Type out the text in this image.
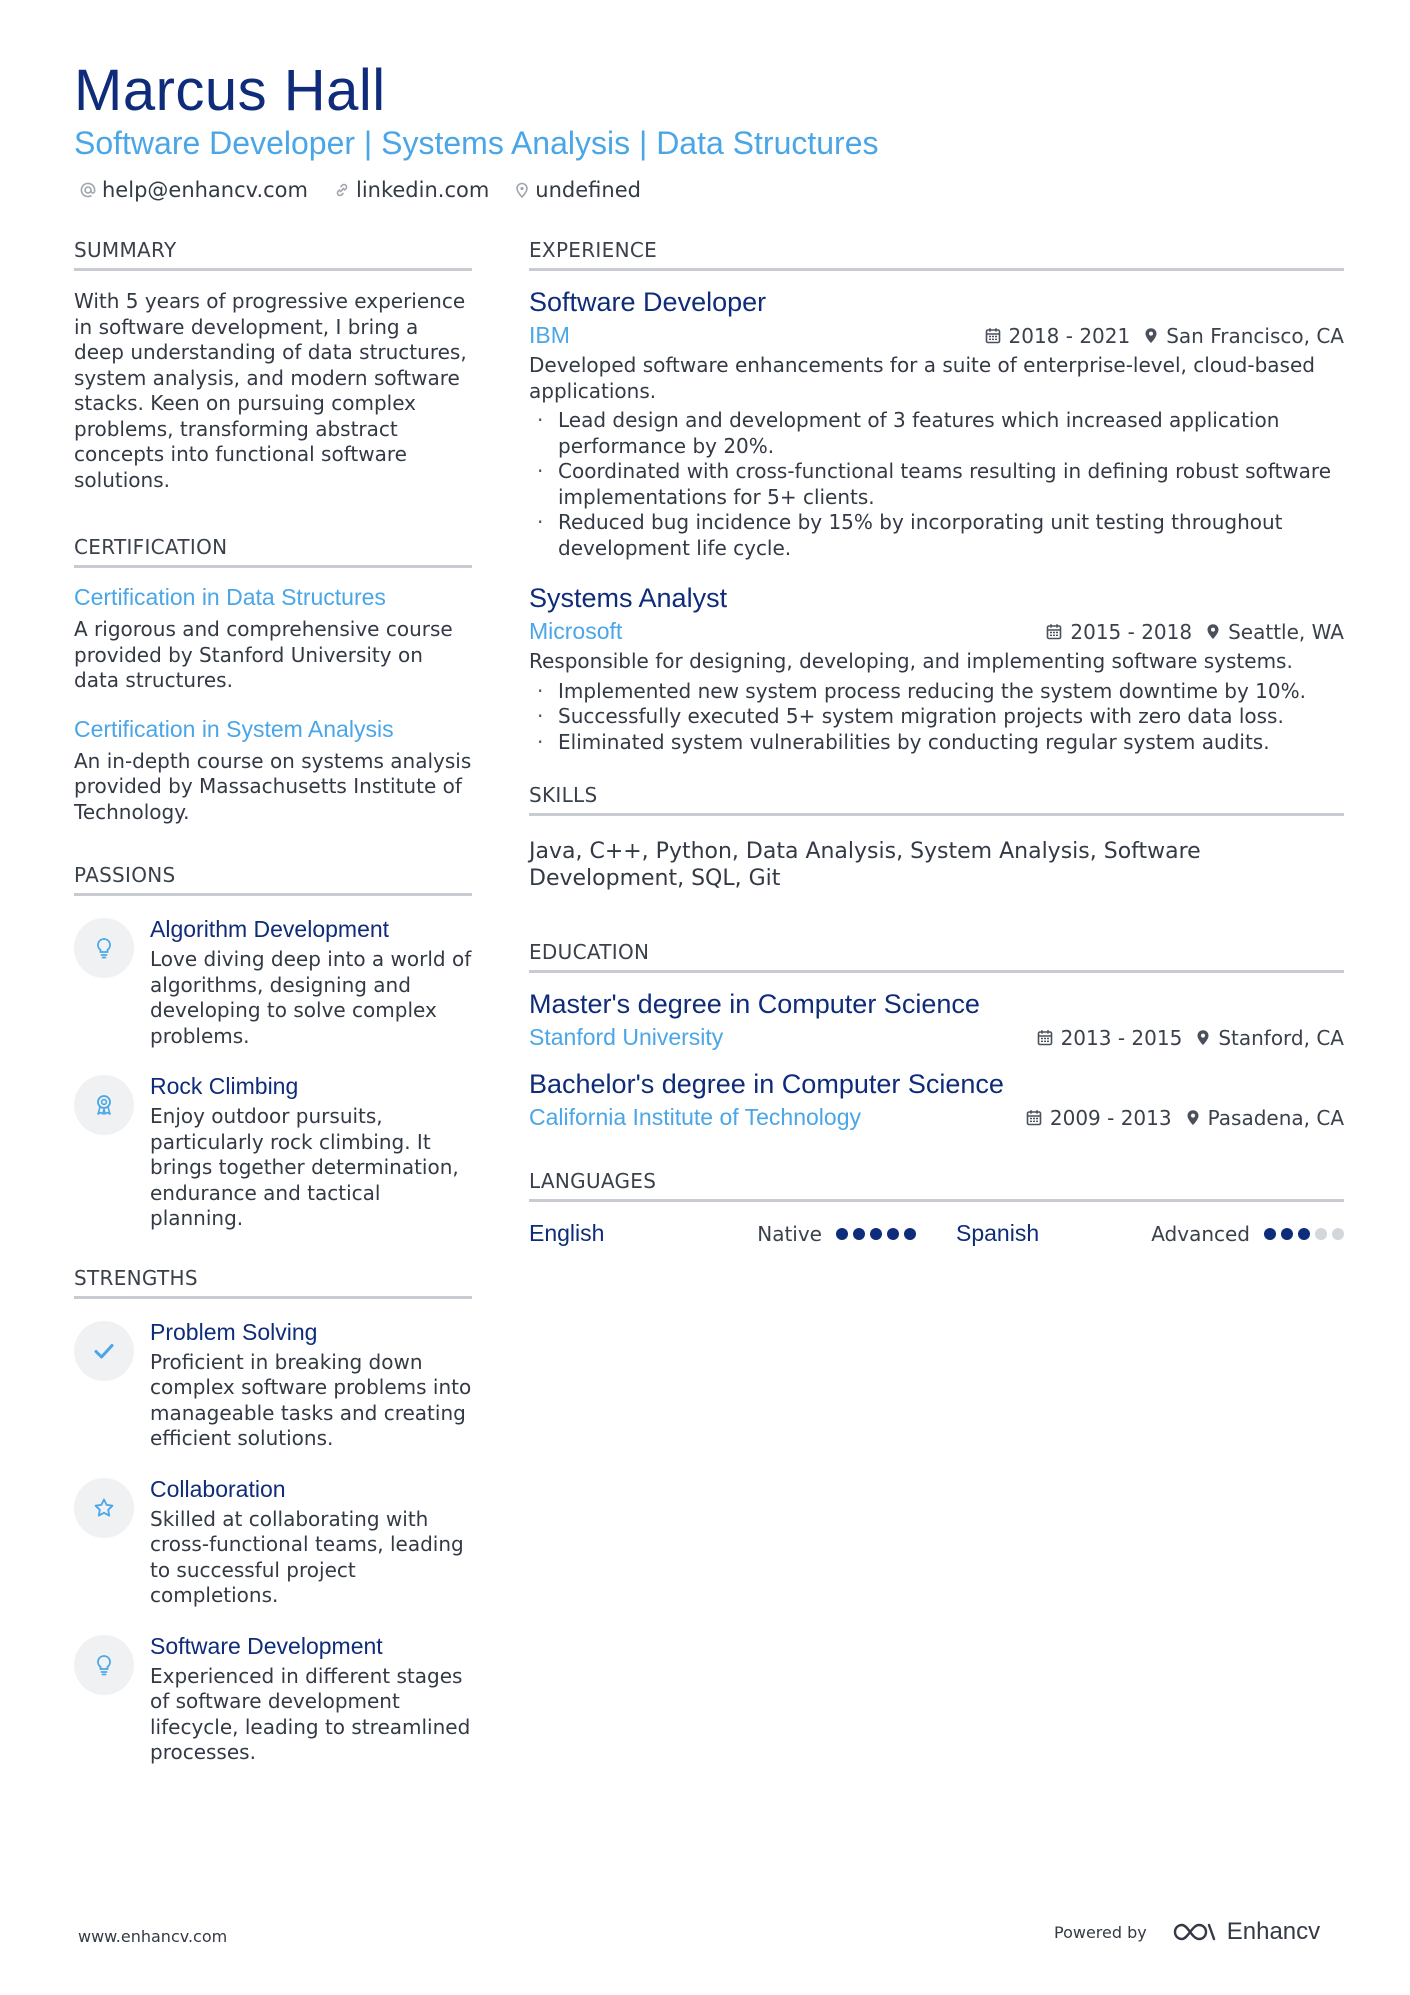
Marcus Hall
Software Developer | Systems Analysis | Data Structures
help@enhancv.com linkedin.com undefined
SUMMARY
With 5 years of progressive experience in software development, I bring a deep understanding of data structures, system analysis, and modern software stacks. Keen on pursuing complex problems, transforming abstract concepts into functional software solutions.
CERTIFICATION
Certification in Data Structures
A rigorous and comprehensive course provided by Stanford University on data structures.
Certification in System Analysis
An in-depth course on systems analysis provided by Massachusetts Institute of Technology.
PASSIONS
Algorithm Development
Love diving deep into a world of algorithms, designing and developing to solve complex problems.
Rock Climbing
Enjoy outdoor pursuits, particularly rock climbing. It brings together determination, endurance and tactical planning.
STRENGTHS
Problem Solving
Proficient in breaking down complex software problems into manageable tasks and creating efficient solutions.
Collaboration
Skilled at collaborating with cross-functional teams, leading to successful project completions.
Software Development
Experienced in different stages of software development lifecycle, leading to streamlined processes.
EXPERIENCE
Software Developer
IBM	2018 - 2021 San Francisco, CA
Developed software enhancements for a suite of enterprise-level, cloud-based applications.
· Lead design and development of 3 features which increased application performance by 20%.
· Coordinated with cross-functional teams resulting in defining robust software implementations for 5+ clients.
· Reduced bug incidence by 15% by incorporating unit testing throughout development life cycle.
Systems Analyst
Microsoft	2015 - 2018 Seattle, WA
Responsible for designing, developing, and implementing software systems.
· Implemented new system process reducing the system downtime by 10%.
· Successfully executed 5+ system migration projects with zero data loss.
· Eliminated system vulnerabilities by conducting regular system audits.
SKILLS
Java, C++, Python, Data Analysis, System Analysis, Software Development, SQL, Git
EDUCATION
Master's degree in Computer Science
Stanford University	2013 - 2015 Stanford, CA
Bachelor's degree in Computer Science
California Institute of Technology	2009 - 2013 Pasadena, CA
LANGUAGES
English	Native	Spanish	Advanced
www.enhancv.com	Powered by	Enhancv
